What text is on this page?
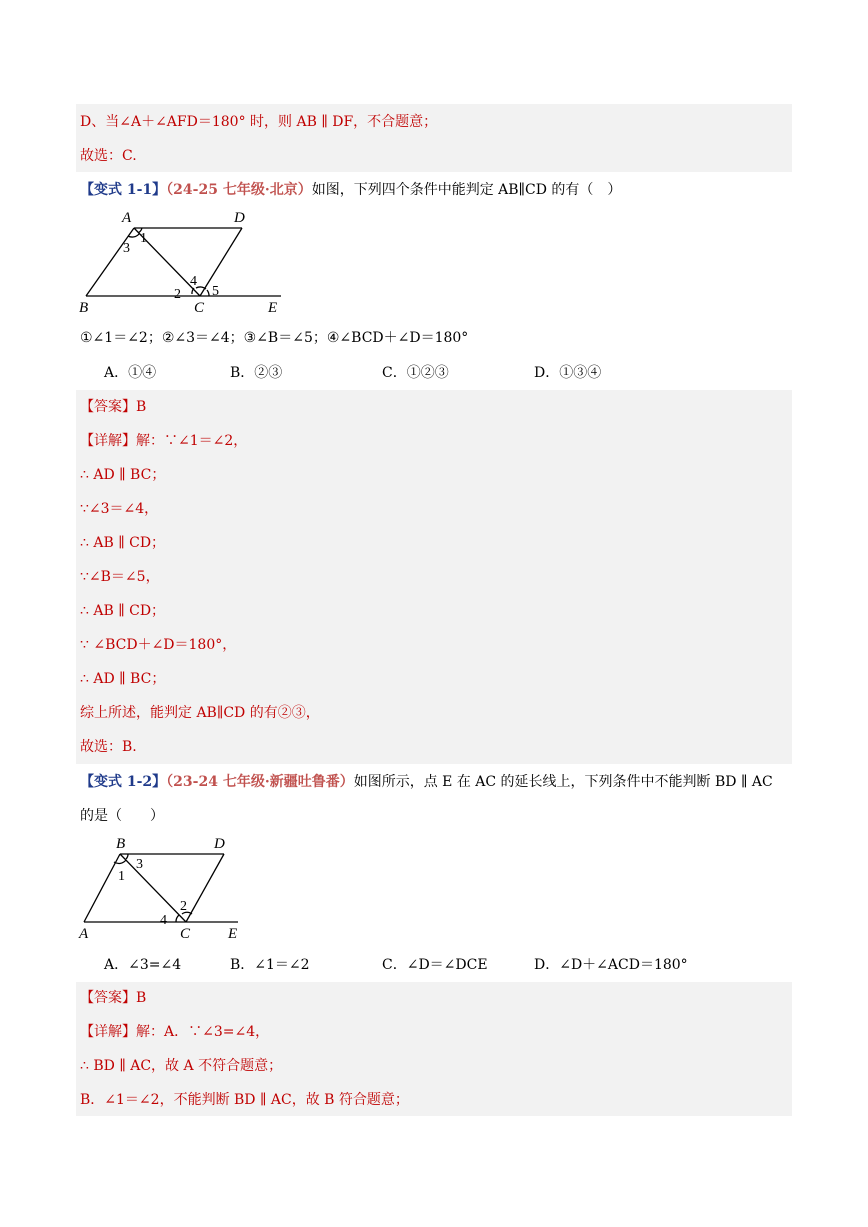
D、当∠A＋∠AFD＝180° 时，则 AB ∥ DF，不合题意；
故选：C.
【变式 1-1】（24-25 七年级·北京）如图，下列四个条件中能判定 AB∥CD 的有（　）
A	D
B	C	E
1
3
4
2 5
①∠1＝∠2；②∠3＝∠4；③∠B＝∠5；④∠BCD＋∠D＝180°
A．①④	B．②③	C．①②③	D．①③④
【答案】B
【详解】解：∵∠1＝∠2，
∴ AD ∥ BC；
∵∠3＝∠4，
∴ AB ∥ CD；
∵∠B＝∠5，
∴ AB ∥ CD；
∵ ∠BCD＋∠D＝180°，
∴ AD ∥ BC；
综上所述，能判定 AB∥CD 的有②③，
故选：B.
【变式 1-2】（23-24 七年级·新疆吐鲁番）如图所示，点 E 在 AC 的延长线上，下列条件中不能判断 BD ∥ AC
的是（　　）
B	D
A	C	E
3
1
2
4
A．∠3=∠4	B．∠1＝∠2	C．∠D＝∠DCE	D．∠D＋∠ACD＝180°
【答案】B
【详解】解：A．∵∠3=∠4，
∴ BD ∥ AC，故 A 不符合题意；
B．∠1＝∠2，不能判断 BD ∥ AC，故 B 符合题意；
